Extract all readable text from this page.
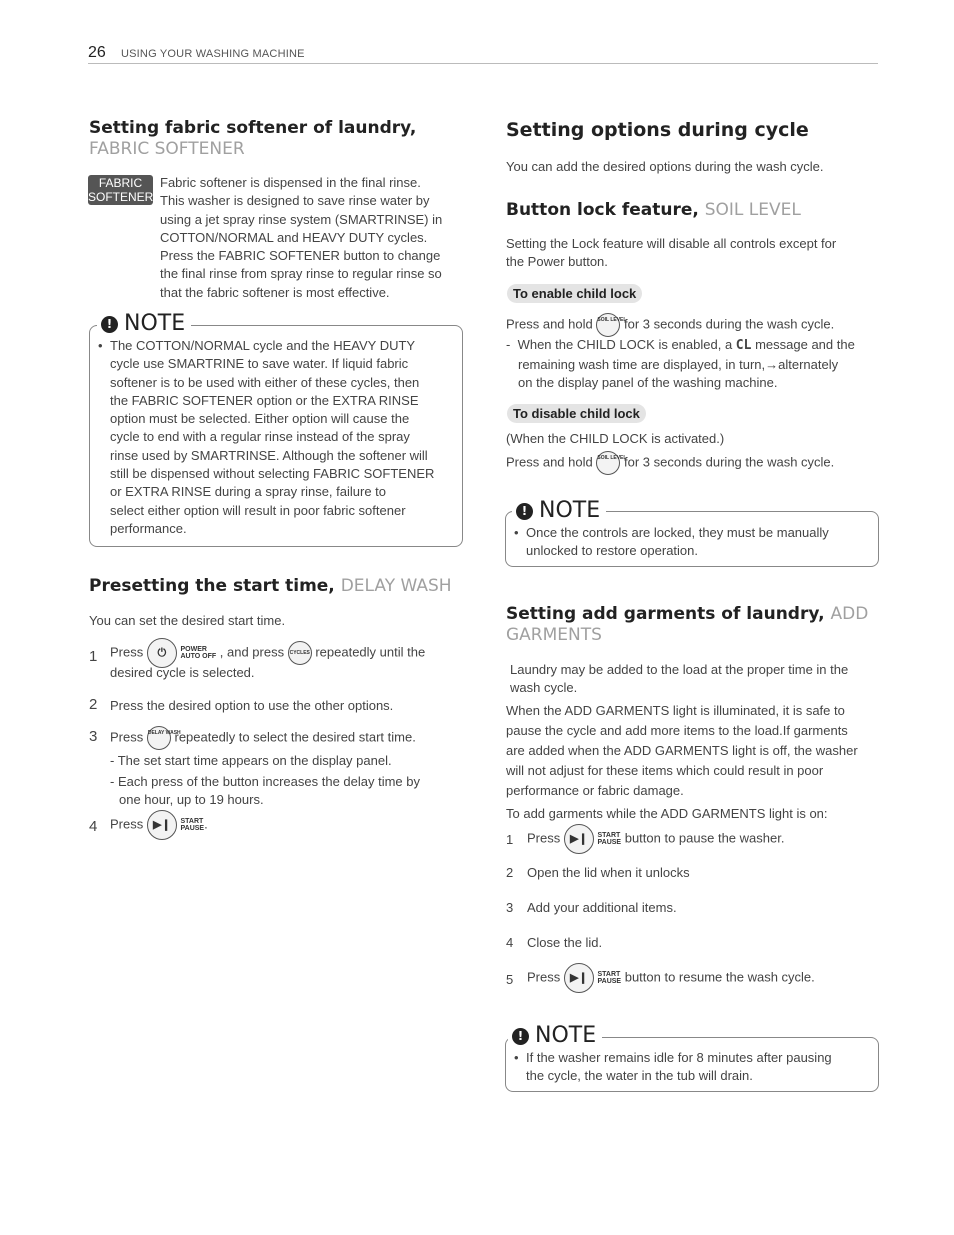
26 USING YOUR WASHING MACHINE
Setting fabric softener of laundry, FABRIC SOFTENER
FABRIC
SOFTENER

Fabric softener is dispensed in the final rinse.

This washer is designed to save rinse water by

using a jet spray rinse system (SMARTRINSE) in

COTTON/NORMAL and HEAVY DUTY cycles.

Press the FABRIC SOFTENER button to change

the final rinse from spray rinse to regular rinse so

that the fabric softener is most effective.

! NOTE
• The COTTON/NORMAL cycle and the HEAVY DUTY

cycle use SMARTRINE to save water. If liquid fabric

softener is to be used with either of these cycles, then

the FABRIC SOFTENER option or the EXTRA RINSE

option must be selected. Either option will cause the

cycle to end with a regular rinse instead of the spray

rinse used by SMARTRINSE. Although the softener will

still be dispensed without selecting FABRIC SOFTENER

or EXTRA RINSE during a spray rinse, failure to

select either option will result in poor fabric softener

performance.

Presetting the start time, DELAY WASH

You can set the desired start time.

1 Press ⏻ POWER
AUTO OFF , and press CYCLES repeatedly until the

desired cycle is selected.

2 Press the desired option to use the other options.

3 Press DELAY WASH repeatedly to select the desired start time.

- The set start time appears on the display panel.

- Each press of the button increases the delay time by

one hour, up to 19 hours.

4 Press ▶❙ START
PAUSE.
Setting options during cycle

You can add the desired options during the wash cycle.

Button lock feature, SOIL LEVEL

Setting the Lock feature will disable all controls except for

the Power button.

To enable child lock
Press and hold SOIL LEVEL for 3 seconds during the wash cycle.
-  When the CHILD LOCK is enabled, a CL message and the

remaining wash time are displayed, in turn,→alternately

on the display panel of the washing machine.

To disable child lock

(When the CHILD LOCK is activated.)

Press and hold SOIL LEVEL for 3 seconds during the wash cycle.
! NOTE
• Once the controls are locked, they must be manually
unlocked to restore operation.
Setting add garments of laundry, ADD GARMENTS

Laundry may be added to the load at the proper time in the

wash cycle.

When the ADD GARMENTS light is illuminated, it is safe to

pause the cycle and add more items to the load.If garments

are added when the ADD GARMENTS light is off, the washer

will not adjust for these items which could result in poor

performance or fabric damage.

To add garments while the ADD GARMENTS light is on:

1 Press ▶❙ START
PAUSE button to pause the washer.
2 Open the lid when it unlocks
3 Add your additional items.
4 Close the lid.
5 Press ▶❙ START
PAUSE button to resume the wash cycle.
! NOTE
• If the washer remains idle for 8 minutes after pausing
the cycle, the water in the tub will drain.
